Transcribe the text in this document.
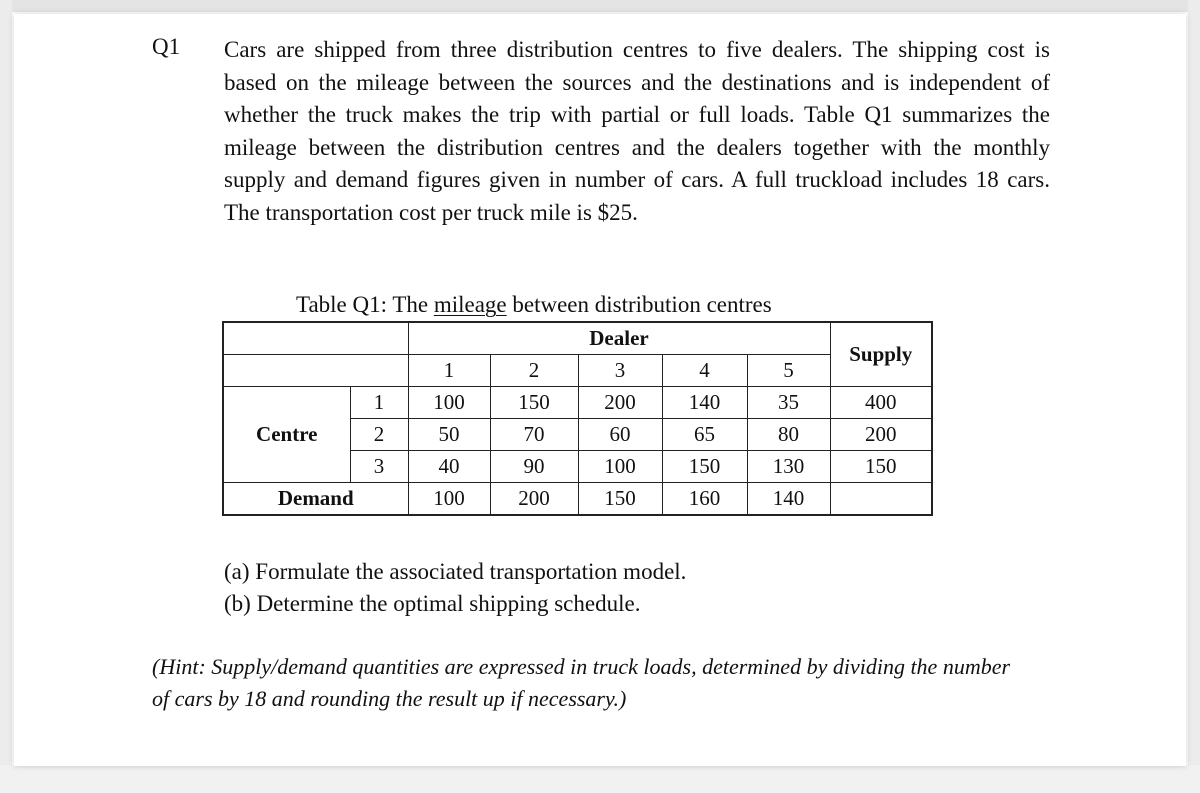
Q1 Cars are shipped from three distribution centres to five dealers. The shipping cost is based on the mileage between the sources and the destinations and is independent of whether the truck makes the trip with partial or full loads. Table Q1 summarizes the mileage between the distribution centres and the dealers together with the monthly supply and demand figures given in number of cars. A full truckload includes 18 cars. The transportation cost per truck mile is $25.

Table Q1: The mileage between distribution centres
		Dealer					Supply
		1	2	3	4	5	
Centre	1	100	150	200	140	35	400
	2	50	70	60	65	80	200
	3	40	90	100	150	130	150
Demand		100	200	150	160	140	
(a) Formulate the associated transportation model.
(b) Determine the optimal shipping schedule.

(Hint: Supply/demand quantities are expressed in truck loads, determined by dividing the number of cars by 18 and rounding the result up if necessary.)
